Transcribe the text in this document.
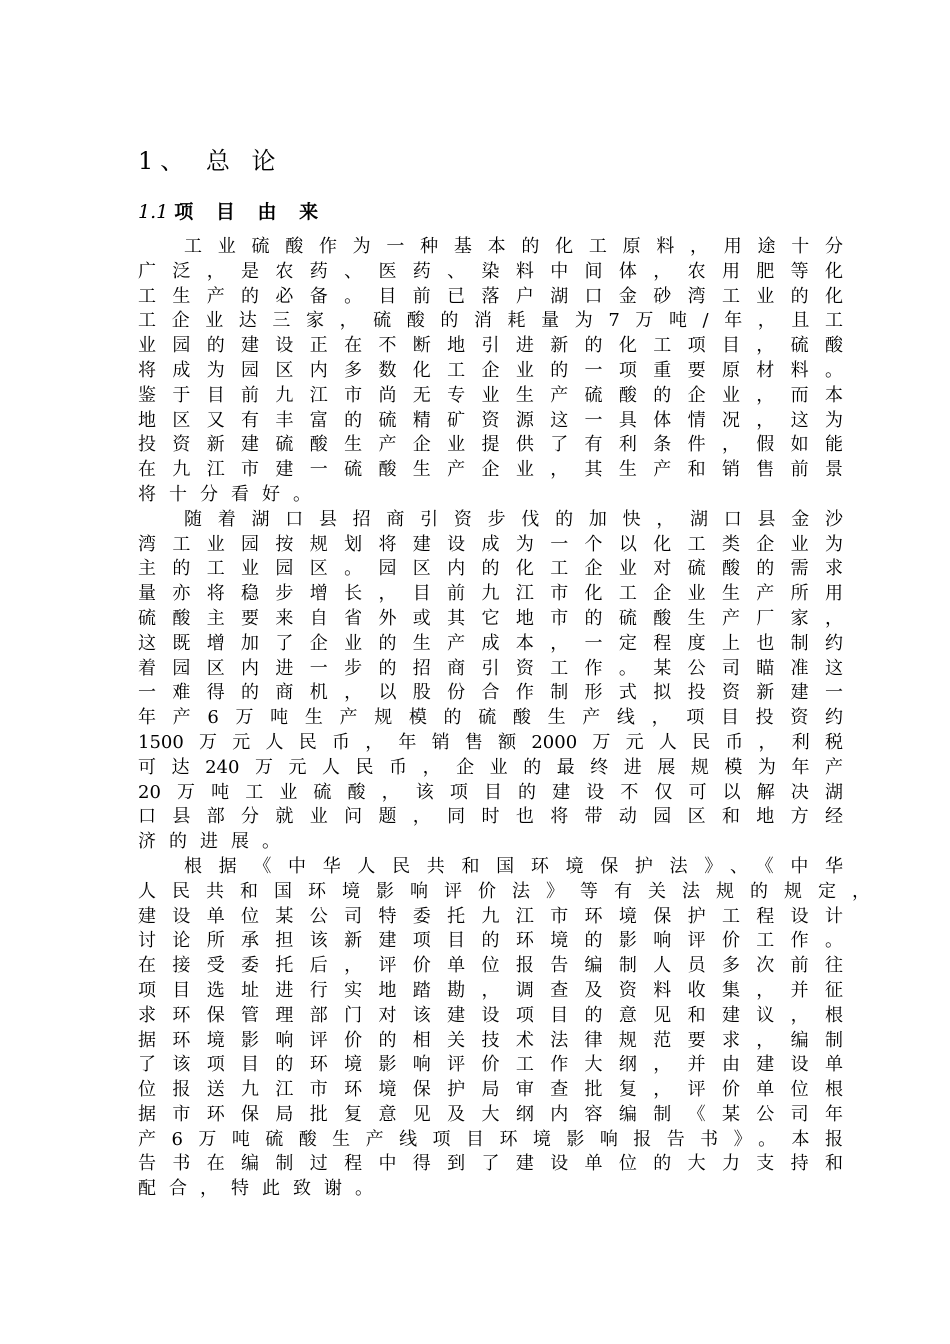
1、 总 论
1.1 项 目 由 来
工业硫酸作为一种基本的化工原料，用途十分
广泛，是农药、医药、染料中间体，农用肥等化
工生产的必备。目前已落户湖口金砂湾工业的化
工企业达三家，硫酸的消耗量为7万吨/年，且工
业园的建设正在不断地引进新的化工项目，硫酸
将成为园区内多数化工企业的一项重要原材料。
鉴于目前九江市尚无专业生产硫酸的企业，而本
地区又有丰富的硫精矿资源这一具体情况，这为
投资新建硫酸生产企业提供了有利条件，假如能
在九江市建一硫酸生产企业，其生产和销售前景
将十分看好。
随着湖口县招商引资步伐的加快，湖口县金沙
湾工业园按规划将建设成为一个以化工类企业为
主的工业园区。园区内的化工企业对硫酸的需求
量亦将稳步增长，目前九江市化工企业生产所用
硫酸主要来自省外或其它地市的硫酸生产厂家，
这既增加了企业的生产成本，一定程度上也制约
着园区内进一步的招商引资工作。某公司瞄准这
一难得的商机，以股份合作制形式拟投资新建一
年产6万吨生产规模的硫酸生产线，项目投资约
1500万元人民币，年销售额2000万元人民币，利税
可达240万元人民币，企业的最终进展规模为年产
20万吨工业硫酸，该项目的建设不仅可以解决湖
口县部分就业问题，同时也将带动园区和地方经
济的进展。
根据《中华人民共和国环境保护法》、《中华
人民共和国环境影响评价法》等有关法规的规定，
建设单位某公司特委托九江市环境保护工程设计
讨论所承担该新建项目的环境的影响评价工作。
在接受委托后，评价单位报告编制人员多次前往
项目选址进行实地踏勘，调查及资料收集，并征
求环保管理部门对该建设项目的意见和建议，根
据环境影响评价的相关技术法律规范要求，编制
了该项目的环境影响评价工作大纲，并由建设单
位报送九江市环境保护局审查批复，评价单位根
据市环保局批复意见及大纲内容编制《某公司年
产6万吨硫酸生产线项目环境影响报告书》。本报
告书在编制过程中得到了建设单位的大力支持和
配合，特此致谢。
